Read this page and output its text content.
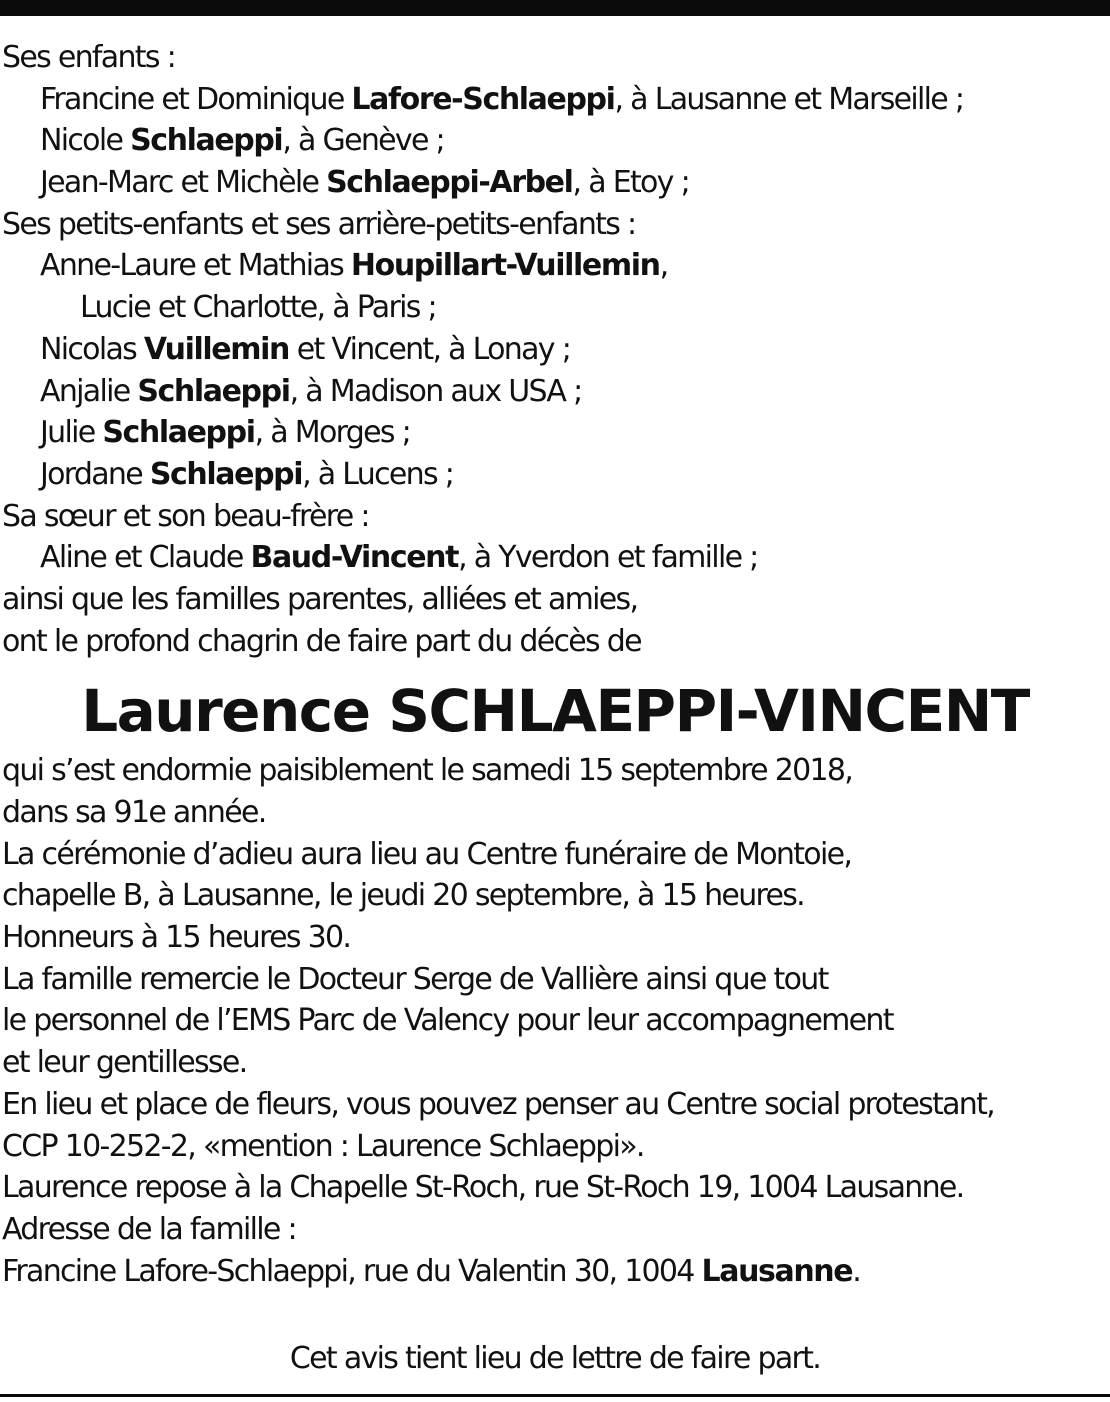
Ses enfants :
Francine et Dominique Lafore-Schlaeppi, à Lausanne et Marseille ;
Nicole Schlaeppi, à Genève ;
Jean-Marc et Michèle Schlaeppi-Arbel, à Etoy ;
Ses petits-enfants et ses arrière-petits-enfants :
Anne-Laure et Mathias Houpillart-Vuillemin,
Lucie et Charlotte, à Paris ;
Nicolas Vuillemin et Vincent, à Lonay ;
Anjalie Schlaeppi, à Madison aux USA ;
Julie Schlaeppi, à Morges ;
Jordane Schlaeppi, à Lucens ;
Sa sœur et son beau-frère :
Aline et Claude Baud-Vincent, à Yverdon et famille ;
ainsi que les familles parentes, alliées et amies,
ont le profond chagrin de faire part du décès de
Laurence SCHLAEPPI-VINCENT
qui s’est endormie paisiblement le samedi 15 septembre 2018,
dans sa 91e année.
La cérémonie d’adieu aura lieu au Centre funéraire de Montoie,
chapelle B, à Lausanne, le jeudi 20 septembre, à 15 heures.
Honneurs à 15 heures 30.
La famille remercie le Docteur Serge de Vallière ainsi que tout
le personnel de l’EMS Parc de Valency pour leur accompagnement
et leur gentillesse.
En lieu et place de fleurs, vous pouvez penser au Centre social protestant,
CCP 10-252-2, «mention : Laurence Schlaeppi».
Laurence repose à la Chapelle St-Roch, rue St-Roch 19, 1004 Lausanne.
Adresse de la famille :
Francine Lafore-Schlaeppi, rue du Valentin 30, 1004 Lausanne.
Cet avis tient lieu de lettre de faire part.
